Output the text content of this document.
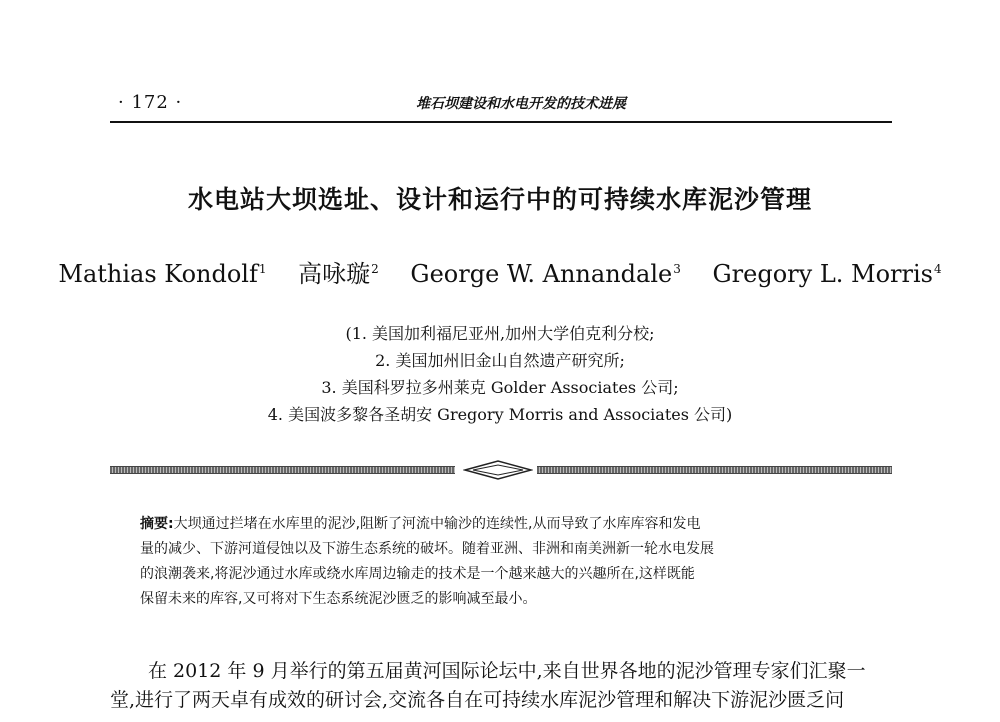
· 172 ·	堆石坝建设和水电开发的技术进展
水电站大坝选址、设计和运行中的可持续水库泥沙管理
Mathias Kondolf$^1$ 高咏璇$^2$ George W. Annandale$^3$ Gregory L. Morris$^4$
(1. 美国加利福尼亚州,加州大学伯克利分校;
2. 美国加州旧金山自然遗产研究所;
3. 美国科罗拉多州莱克 Golder Associates 公司;
4. 美国波多黎各圣胡安 Gregory Morris and Associates 公司)
摘要:大坝通过拦堵在水库里的泥沙,阻断了河流中输沙的连续性,从而导致了水库库容和发电
量的减少、下游河道侵蚀以及下游生态系统的破坏。随着亚洲、非洲和南美洲新一轮水电发展
的浪潮袭来,将泥沙通过水库或绕水库周边输走的技术是一个越来越大的兴趣所在,这样既能
保留未来的库容,又可将对下生态系统泥沙匮乏的影响减至最小。
在 2012 年 9 月举行的第五届黄河国际论坛中,来自世界各地的泥沙管理专家们汇聚一
堂,进行了两天卓有成效的研讨会,交流各自在可持续水库泥沙管理和解决下游泥沙匮乏问
